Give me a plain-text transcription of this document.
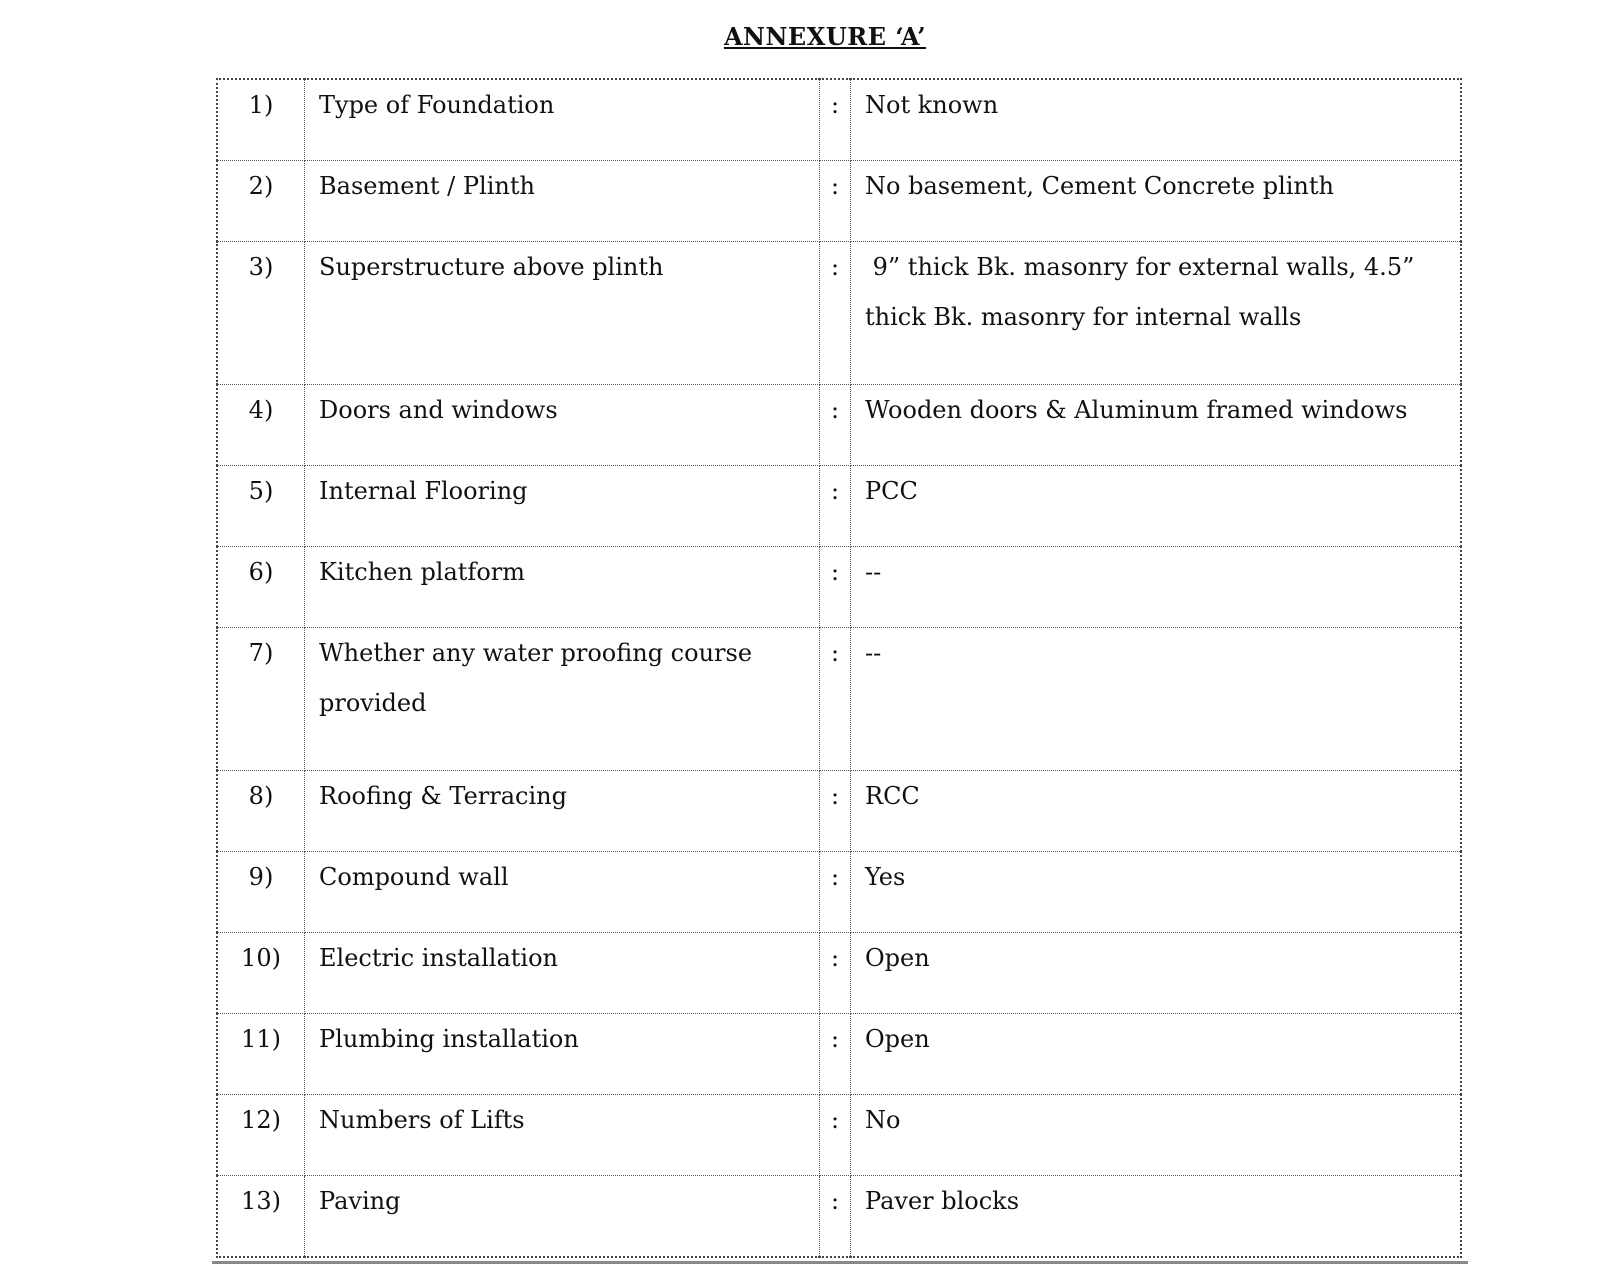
ANNEXURE ‘A’
1)	Type of Foundation	:	Not known
2)	Basement / Plinth	:	No basement, Cement Concrete plinth
3)	Superstructure above plinth	:	9” thick Bk. masonry for external walls, 4.5” thick Bk. masonry for internal walls
4)	Doors and windows	:	Wooden doors & Aluminum framed windows
5)	Internal Flooring	:	PCC
6)	Kitchen platform	:	--
7)	Whether any water proofing course provided	:	--
8)	Roofing & Terracing	:	RCC
9)	Compound wall	:	Yes
10)	Electric installation	:	Open
11)	Plumbing installation	:	Open
12)	Numbers of Lifts	:	No
13)	Paving	:	Paver blocks
